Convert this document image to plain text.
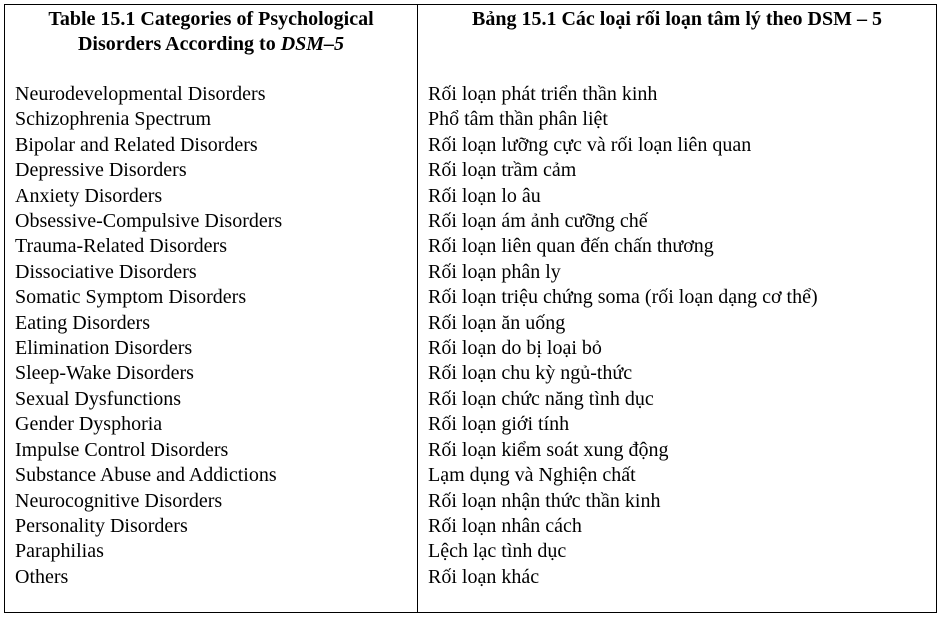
Table 15.1 Categories of Psychological
Disorders According to DSM–5

Neurodevelopmental Disorders
Schizophrenia Spectrum
Bipolar and Related Disorders
Depressive Disorders
Anxiety Disorders
Obsessive-Compulsive Disorders
Trauma-Related Disorders
Dissociative Disorders
Somatic Symptom Disorders
Eating Disorders
Elimination Disorders
Sleep-Wake Disorders
Sexual Dysfunctions
Gender Dysphoria
Impulse Control Disorders
Substance Abuse and Addictions
Neurocognitive Disorders
Personality Disorders
Paraphilias
Others

Bảng 15.1 Các loại rối loạn tâm lý theo DSM – 5

Rối loạn phát triển thần kinh
Phổ tâm thần phân liệt
Rối loạn lưỡng cực và rối loạn liên quan
Rối loạn trầm cảm
Rối loạn lo âu
Rối loạn ám ảnh cưỡng chế
Rối loạn liên quan đến chấn thương
Rối loạn phân ly
Rối loạn triệu chứng soma (rối loạn dạng cơ thể)
Rối loạn ăn uống
Rối loạn do bị loại bỏ
Rối loạn chu kỳ ngủ-thức
Rối loạn chức năng tình dục
Rối loạn giới tính
Rối loạn kiểm soát xung động
Lạm dụng và Nghiện chất
Rối loạn nhận thức thần kinh
Rối loạn nhân cách
Lệch lạc tình dục
Rối loạn khác
